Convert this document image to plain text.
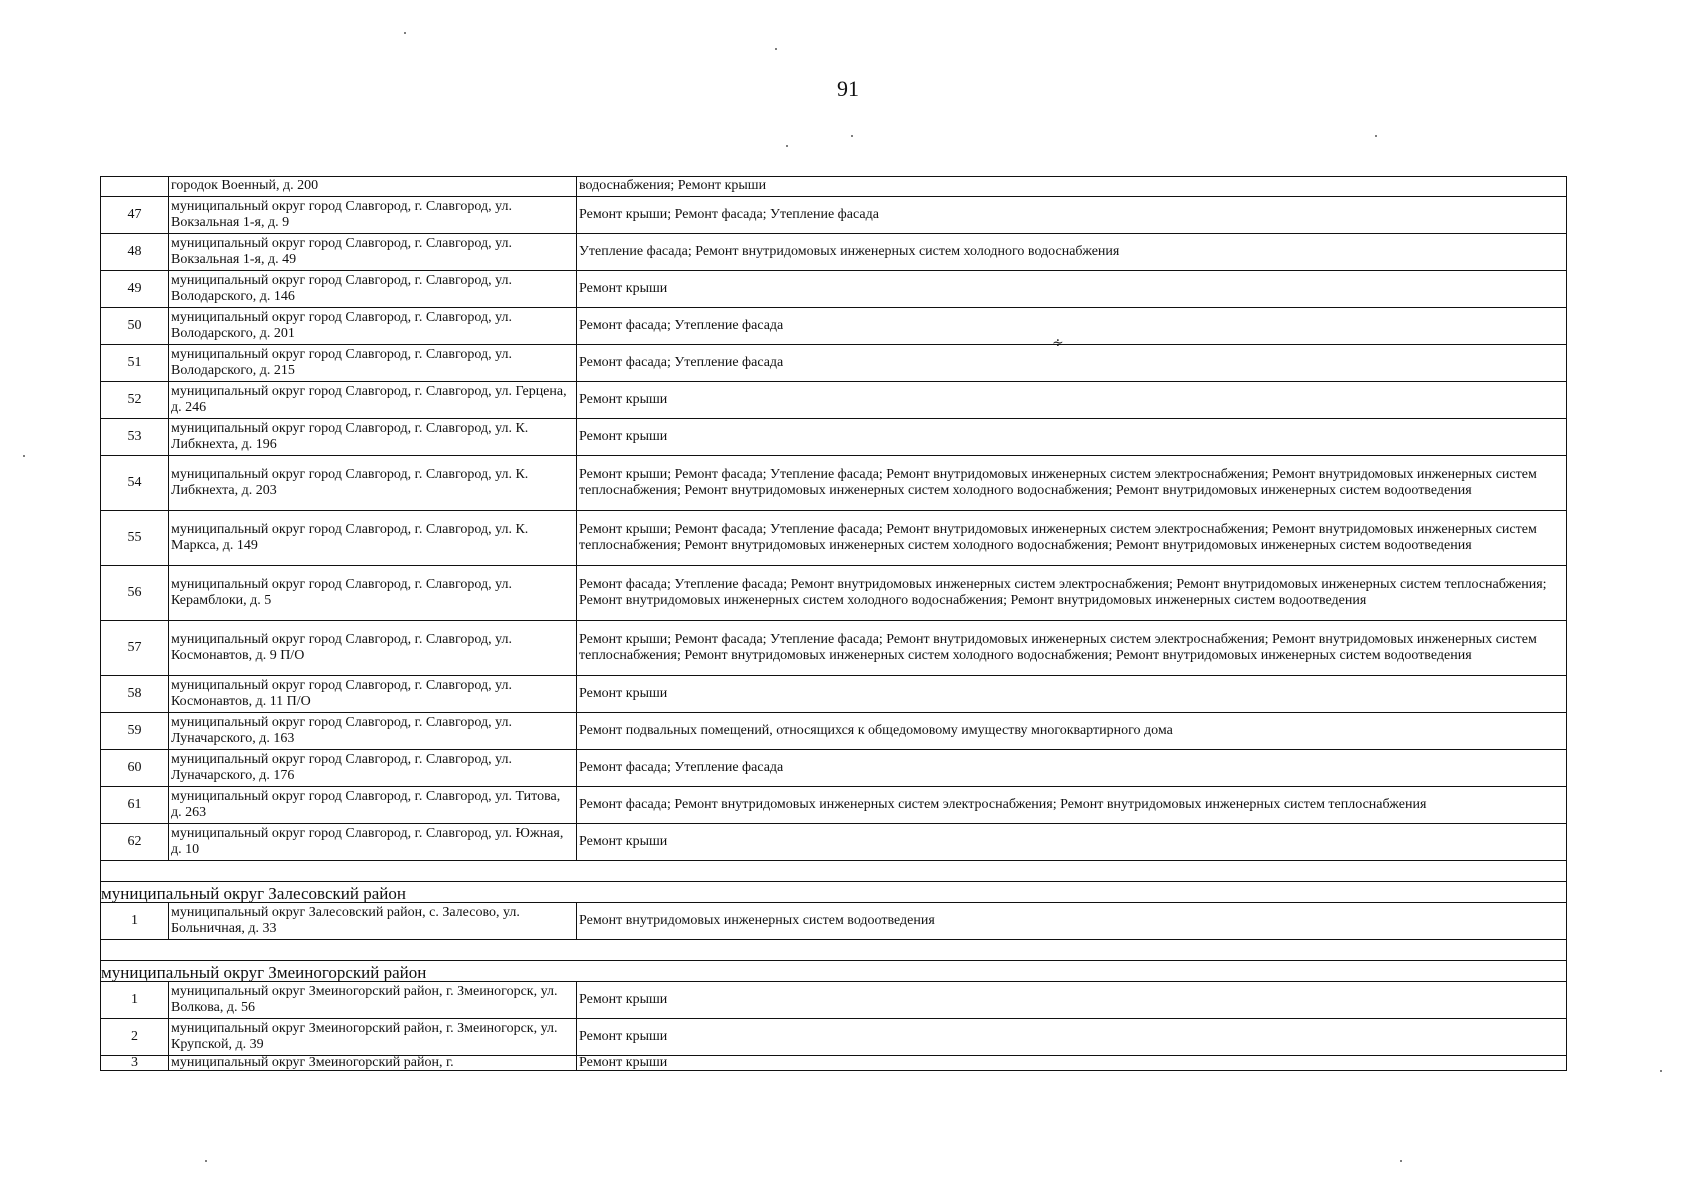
91
∻
	городок Военный, д. 200	водоснабжения; Ремонт крыши
47	муниципальный округ город Славгород, г. Славгород, ул. Вокзальная 1-я, д. 9	Ремонт крыши; Ремонт фасада; Утепление фасада
48	муниципальный округ город Славгород, г. Славгород, ул. Вокзальная 1-я, д. 49	Утепление фасада; Ремонт внутридомовых инженерных систем холодного водоснабжения
49	муниципальный округ город Славгород, г. Славгород, ул. Володарского, д. 146	Ремонт крыши
50	муниципальный округ город Славгород, г. Славгород, ул. Володарского, д. 201	Ремонт фасада; Утепление фасада
51	муниципальный округ город Славгород, г. Славгород, ул. Володарского, д. 215	Ремонт фасада; Утепление фасада
52	муниципальный округ город Славгород, г. Славгород, ул. Герцена, д. 246	Ремонт крыши
53	муниципальный округ город Славгород, г. Славгород, ул. К. Либкнехта, д. 196	Ремонт крыши
54	муниципальный округ город Славгород, г. Славгород, ул. К. Либкнехта, д. 203	Ремонт крыши; Ремонт фасада; Утепление фасада; Ремонт внутридомовых инженерных систем электроснабжения; Ремонт внутридомовых инженерных систем теплоснабжения; Ремонт внутридомовых инженерных систем холодного водоснабжения; Ремонт внутридомовых инженерных систем водоотведения
55	муниципальный округ город Славгород, г. Славгород, ул. К. Маркса, д. 149	Ремонт крыши; Ремонт фасада; Утепление фасада; Ремонт внутридомовых инженерных систем электроснабжения; Ремонт внутридомовых инженерных систем теплоснабжения; Ремонт внутридомовых инженерных систем холодного водоснабжения; Ремонт внутридомовых инженерных систем водоотведения
56	муниципальный округ город Славгород, г. Славгород, ул. Керамблоки, д. 5	Ремонт фасада; Утепление фасада; Ремонт внутридомовых инженерных систем электроснабжения; Ремонт внутридомовых инженерных систем теплоснабжения; Ремонт внутридомовых инженерных систем холодного водоснабжения; Ремонт внутридомовых инженерных систем водоотведения
57	муниципальный округ город Славгород, г. Славгород, ул. Космонавтов, д. 9 П/О	Ремонт крыши; Ремонт фасада; Утепление фасада; Ремонт внутридомовых инженерных систем электроснабжения; Ремонт внутридомовых инженерных систем теплоснабжения; Ремонт внутридомовых инженерных систем холодного водоснабжения; Ремонт внутридомовых инженерных систем водоотведения
58	муниципальный округ город Славгород, г. Славгород, ул. Космонавтов, д. 11 П/О	Ремонт крыши
59	муниципальный округ город Славгород, г. Славгород, ул. Луначарского, д. 163	Ремонт подвальных помещений, относящихся к общедомовому имуществу многоквартирного дома
60	муниципальный округ город Славгород, г. Славгород, ул. Луначарского, д. 176	Ремонт фасада; Утепление фасада
61	муниципальный округ город Славгород, г. Славгород, ул. Титова, д. 263	Ремонт фасада; Ремонт внутридомовых инженерных систем электроснабжения; Ремонт внутридомовых инженерных систем теплоснабжения
62	муниципальный округ город Славгород, г. Славгород, ул. Южная, д. 10	Ремонт крыши

муниципальный округ Залесовский район		
1	муниципальный округ Залесовский район, с. Залесово, ул. Больничная, д. 33	Ремонт внутридомовых инженерных систем водоотведения

муниципальный округ Змеиногорский район		
1	муниципальный округ Змеиногорский район, г. Змеиногорск, ул. Волкова, д. 56	Ремонт крыши
2	муниципальный округ Змеиногорский район, г. Змеиногорск, ул. Крупской, д. 39	Ремонт крыши
3	муниципальный округ Змеиногорский район, г.	Ремонт крыши
